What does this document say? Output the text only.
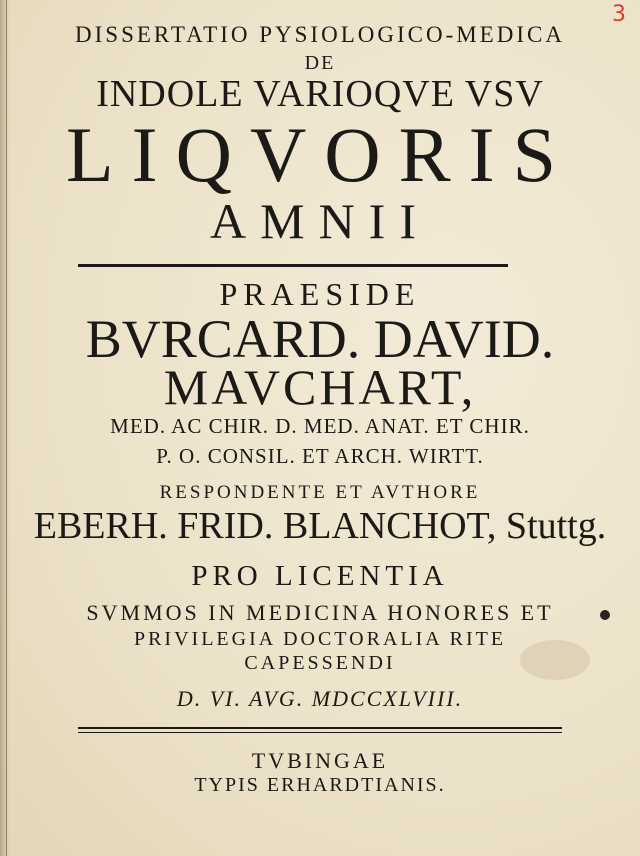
3
DISSERTATIO PYSIOLOGICO-MEDICA
DE
INDOLE VARIOQVE VSV
LIQVORIS
AMNII
PRAESIDE
BVRCARD. DAVID.
MAVCHART,
MED. AC CHIR. D. MED. ANAT. ET CHIR.
P. O. CONSIL. ET ARCH. WIRTT.
RESPONDENTE ET AVTHORE
EBERH. FRID. BLANCHOT, Stuttg.
PRO LICENTIA
SVMMOS IN MEDICINA HONORES ET
PRIVILEGIA DOCTORALIA RITE
CAPESSENDI
D. VI. AVG. MDCCXLVIII.
TVBINGAE
TYPIS ERHARDTIANIS.
